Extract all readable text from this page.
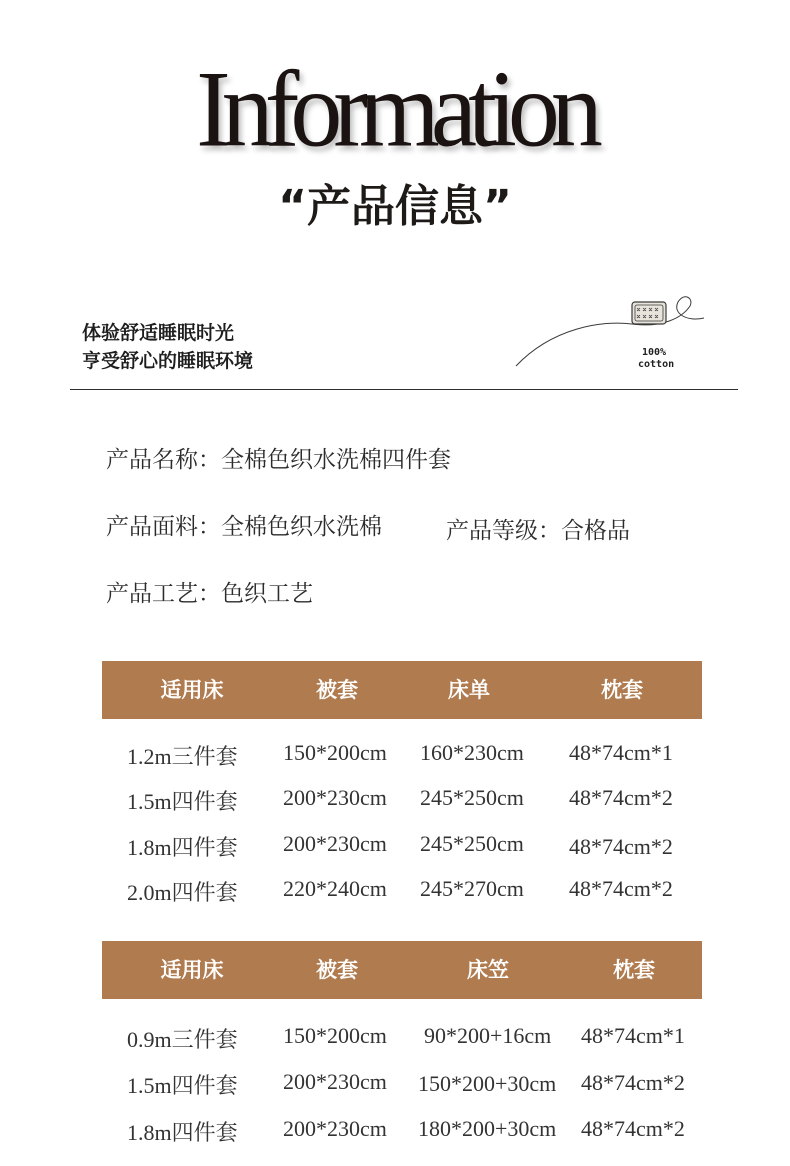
Information
“产品信息”
体验舒适睡眠时光
亨受舒心的睡眠环境	100%
cotton
产品名称：全棉色织水洗棉四件套
产品面料：全棉色织水洗棉	产品等级：合格品
产品工艺：色织工艺
适用床	被套	床单	枕套
1.2m三件套 150*200cm 160*230cm 48*74cm*1
1.5m四件套 200*230cm 245*250cm 48*74cm*2
1.8m四件套 200*230cm 245*250cm 48*74cm*2
2.0m四件套 220*240cm 245*270cm 48*74cm*2
适用床	被套	床笠	枕套
0.9m三件套 150*200cm 90*200+16cm 48*74cm*1
1.5m四件套 200*230cm 150*200+30cm 48*74cm*2
1.8m四件套 200*230cm 180*200+30cm 48*74cm*2
